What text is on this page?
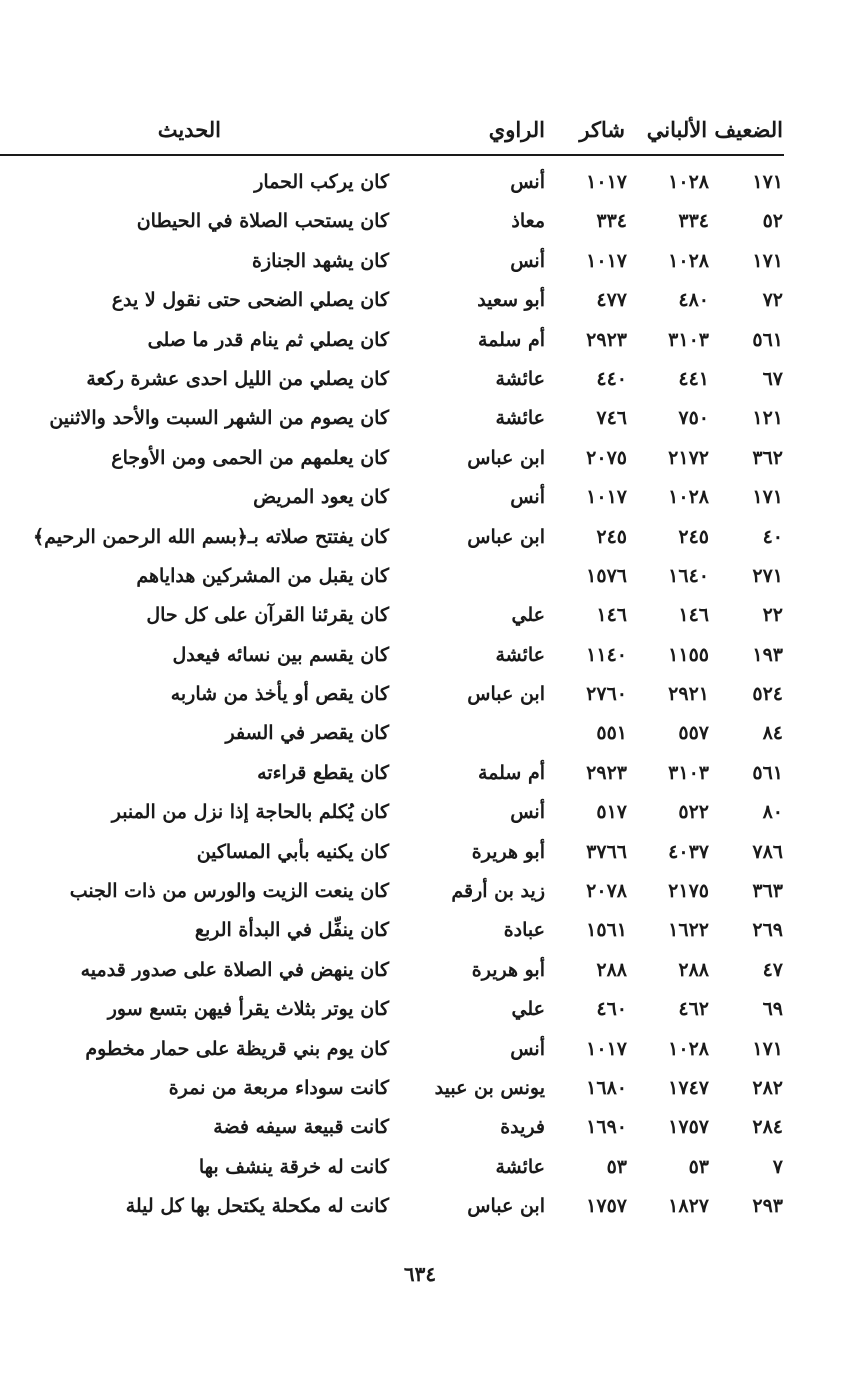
الضعيف الألباني
شاكر
الراوي
الحديث
١٧١
١٠٢٨
١٠١٧
أنس
كان يركب الحمار
٥٢
٣٣٤
٣٣٤
معاذ
كان يستحب الصلاة في الحيطان
١٧١
١٠٢٨
١٠١٧
أنس
كان يشهد الجنازة
٧٢
٤٨٠
٤٧٧
أبو سعيد
كان يصلي الضحى حتى نقول لا يدع
٥٦١
٣١٠٣
٢٩٢٣
أم سلمة
كان يصلي ثم ينام قدر ما صلى
٦٧
٤٤١
٤٤٠
عائشة
كان يصلي من الليل احدى عشرة ركعة
١٢١
٧٥٠
٧٤٦
عائشة
كان يصوم من الشهر السبت والأحد والاثنين
٣٦٢
٢١٧٢
٢٠٧٥
ابن عباس
كان يعلمهم من الحمى ومن الأوجاع
١٧١
١٠٢٨
١٠١٧
أنس
كان يعود المريض
٤٠
٢٤٥
٢٤٥
ابن عباس
كان يفتتح صلاته بـ﴿بسم الله الرحمن الرحيم﴾
٢٧١
١٦٤٠
١٥٧٦
كان يقبل من المشركين هداياهم
٢٢
١٤٦
١٤٦
علي
كان يقرئنا القرآن على كل حال
١٩٣
١١٥٥
١١٤٠
عائشة
كان يقسم بين نسائه فيعدل
٥٢٤
٢٩٢١
٢٧٦٠
ابن عباس
كان يقص أو يأخذ من شاربه
٨٤
٥٥٧
٥٥١
كان يقصر في السفر
٥٦١
٣١٠٣
٢٩٢٣
أم سلمة
كان يقطع قراءته
٨٠
٥٢٢
٥١٧
أنس
كان يُكلم بالحاجة إذا نزل من المنبر
٧٨٦
٤٠٣٧
٣٧٦٦
أبو هريرة
كان يكنيه بأبي المساكين
٣٦٣
٢١٧٥
٢٠٧٨
زيد بن أرقم
كان ينعت الزيت والورس من ذات الجنب
٢٦٩
١٦٢٢
١٥٦١
عبادة
كان ينفِّل في البدأة الربع
٤٧
٢٨٨
٢٨٨
أبو هريرة
كان ينهض في الصلاة على صدور قدميه
٦٩
٤٦٢
٤٦٠
علي
كان يوتر بثلاث يقرأ فيهن بتسع سور
١٧١
١٠٢٨
١٠١٧
أنس
كان يوم بني قريظة على حمار مخطوم
٢٨٢
١٧٤٧
١٦٨٠
يونس بن عبيد
كانت سوداء مربعة من نمرة
٢٨٤
١٧٥٧
١٦٩٠
فريدة
كانت قبيعة سيفه فضة
٧
٥٣
٥٣
عائشة
كانت له خرقة ينشف بها
٢٩٣
١٨٢٧
١٧٥٧
ابن عباس
كانت له مكحلة يكتحل بها كل ليلة
٦٣٤
